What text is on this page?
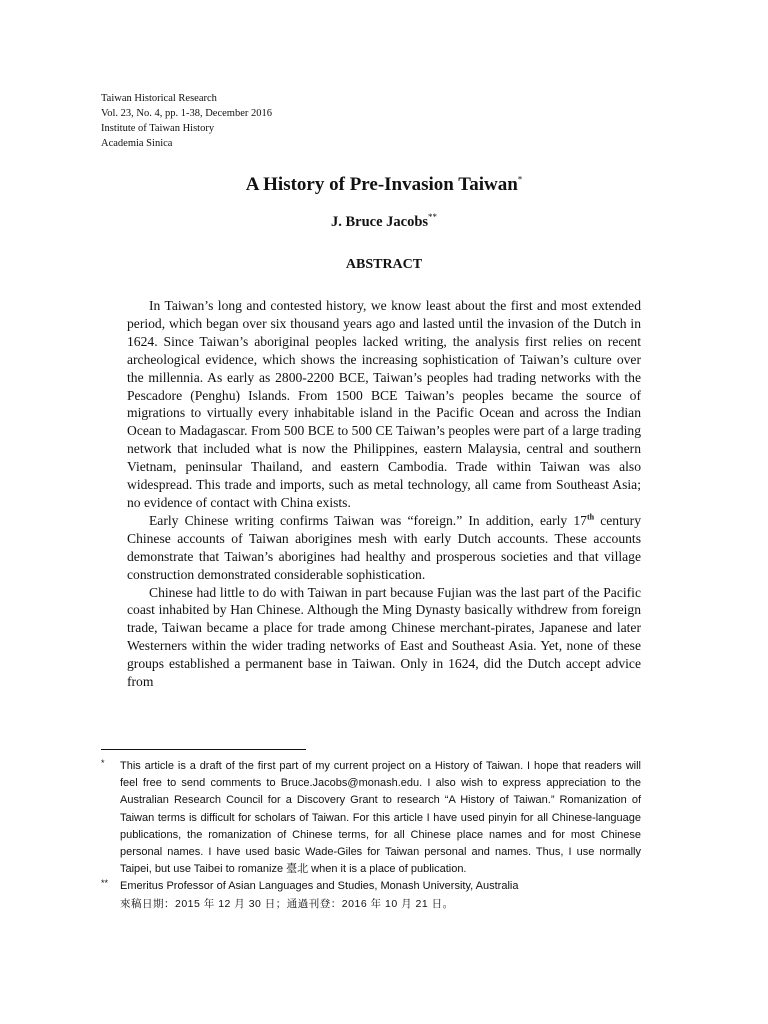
Taiwan Historical Research
Vol. 23, No. 4, pp. 1-38, December 2016
Institute of Taiwan History
Academia Sinica
A History of Pre-Invasion Taiwan*
J. Bruce Jacobs**
ABSTRACT

In Taiwan’s long and contested history, we know least about the first and most extended period, which began over six thousand years ago and lasted until the invasion of the Dutch in 1624. Since Taiwan’s aboriginal peoples lacked writing, the analysis first relies on recent archeological evidence, which shows the increasing sophistication of Taiwan’s culture over the millennia. As early as 2800-2200 BCE, Taiwan’s peoples had trading networks with the Pescadore (Penghu) Islands. From 1500 BCE Taiwan’s peoples became the source of migrations to virtually every inhabitable island in the Pacific Ocean and across the Indian Ocean to Madagascar. From 500 BCE to 500 CE Taiwan’s peoples were part of a large trading network that included what is now the Philippines, eastern Malaysia, central and southern Vietnam, peninsular Thailand, and eastern Cambodia. Trade within Taiwan was also widespread. This trade and imports, such as metal technology, all came from Southeast Asia; no evidence of contact with China exists.

Early Chinese writing confirms Taiwan was “foreign.” In addition, early 17th century Chinese accounts of Taiwan aborigines mesh with early Dutch accounts. These accounts demonstrate that Taiwan’s aborigines had healthy and prosperous societies and that village construction demonstrated considerable sophistication.

Chinese had little to do with Taiwan in part because Fujian was the last part of the Pacific coast inhabited by Han Chinese. Although the Ming Dynasty basically withdrew from foreign trade, Taiwan became a place for trade among Chinese merchant-pirates, Japanese and later Westerners within the wider trading networks of East and Southeast Asia. Yet, none of these groups established a permanent base in Taiwan. Only in 1624, did the Dutch accept advice from

* This article is a draft of the first part of my current project on a History of Taiwan. I hope that readers will feel free to send comments to Bruce.Jacobs@monash.edu. I also wish to express appreciation to the Australian Research Council for a Discovery Grant to research “A History of Taiwan.” Romanization of Taiwan terms is difficult for scholars of Taiwan. For this article I have used pinyin for all Chinese-language publications, the romanization of Chinese terms, for all Chinese place names and for most Chinese personal names. I have used basic Wade-Giles for Taiwan personal and names. Thus, I use normally Taipei, but use Taibei to romanize 臺北 when it is a place of publication.
** Emeritus Professor of Asian Languages and Studies, Monash University, Australia
來稿日期：2015 年 12 月 30 日；通過刊登：2016 年 10 月 21 日。
